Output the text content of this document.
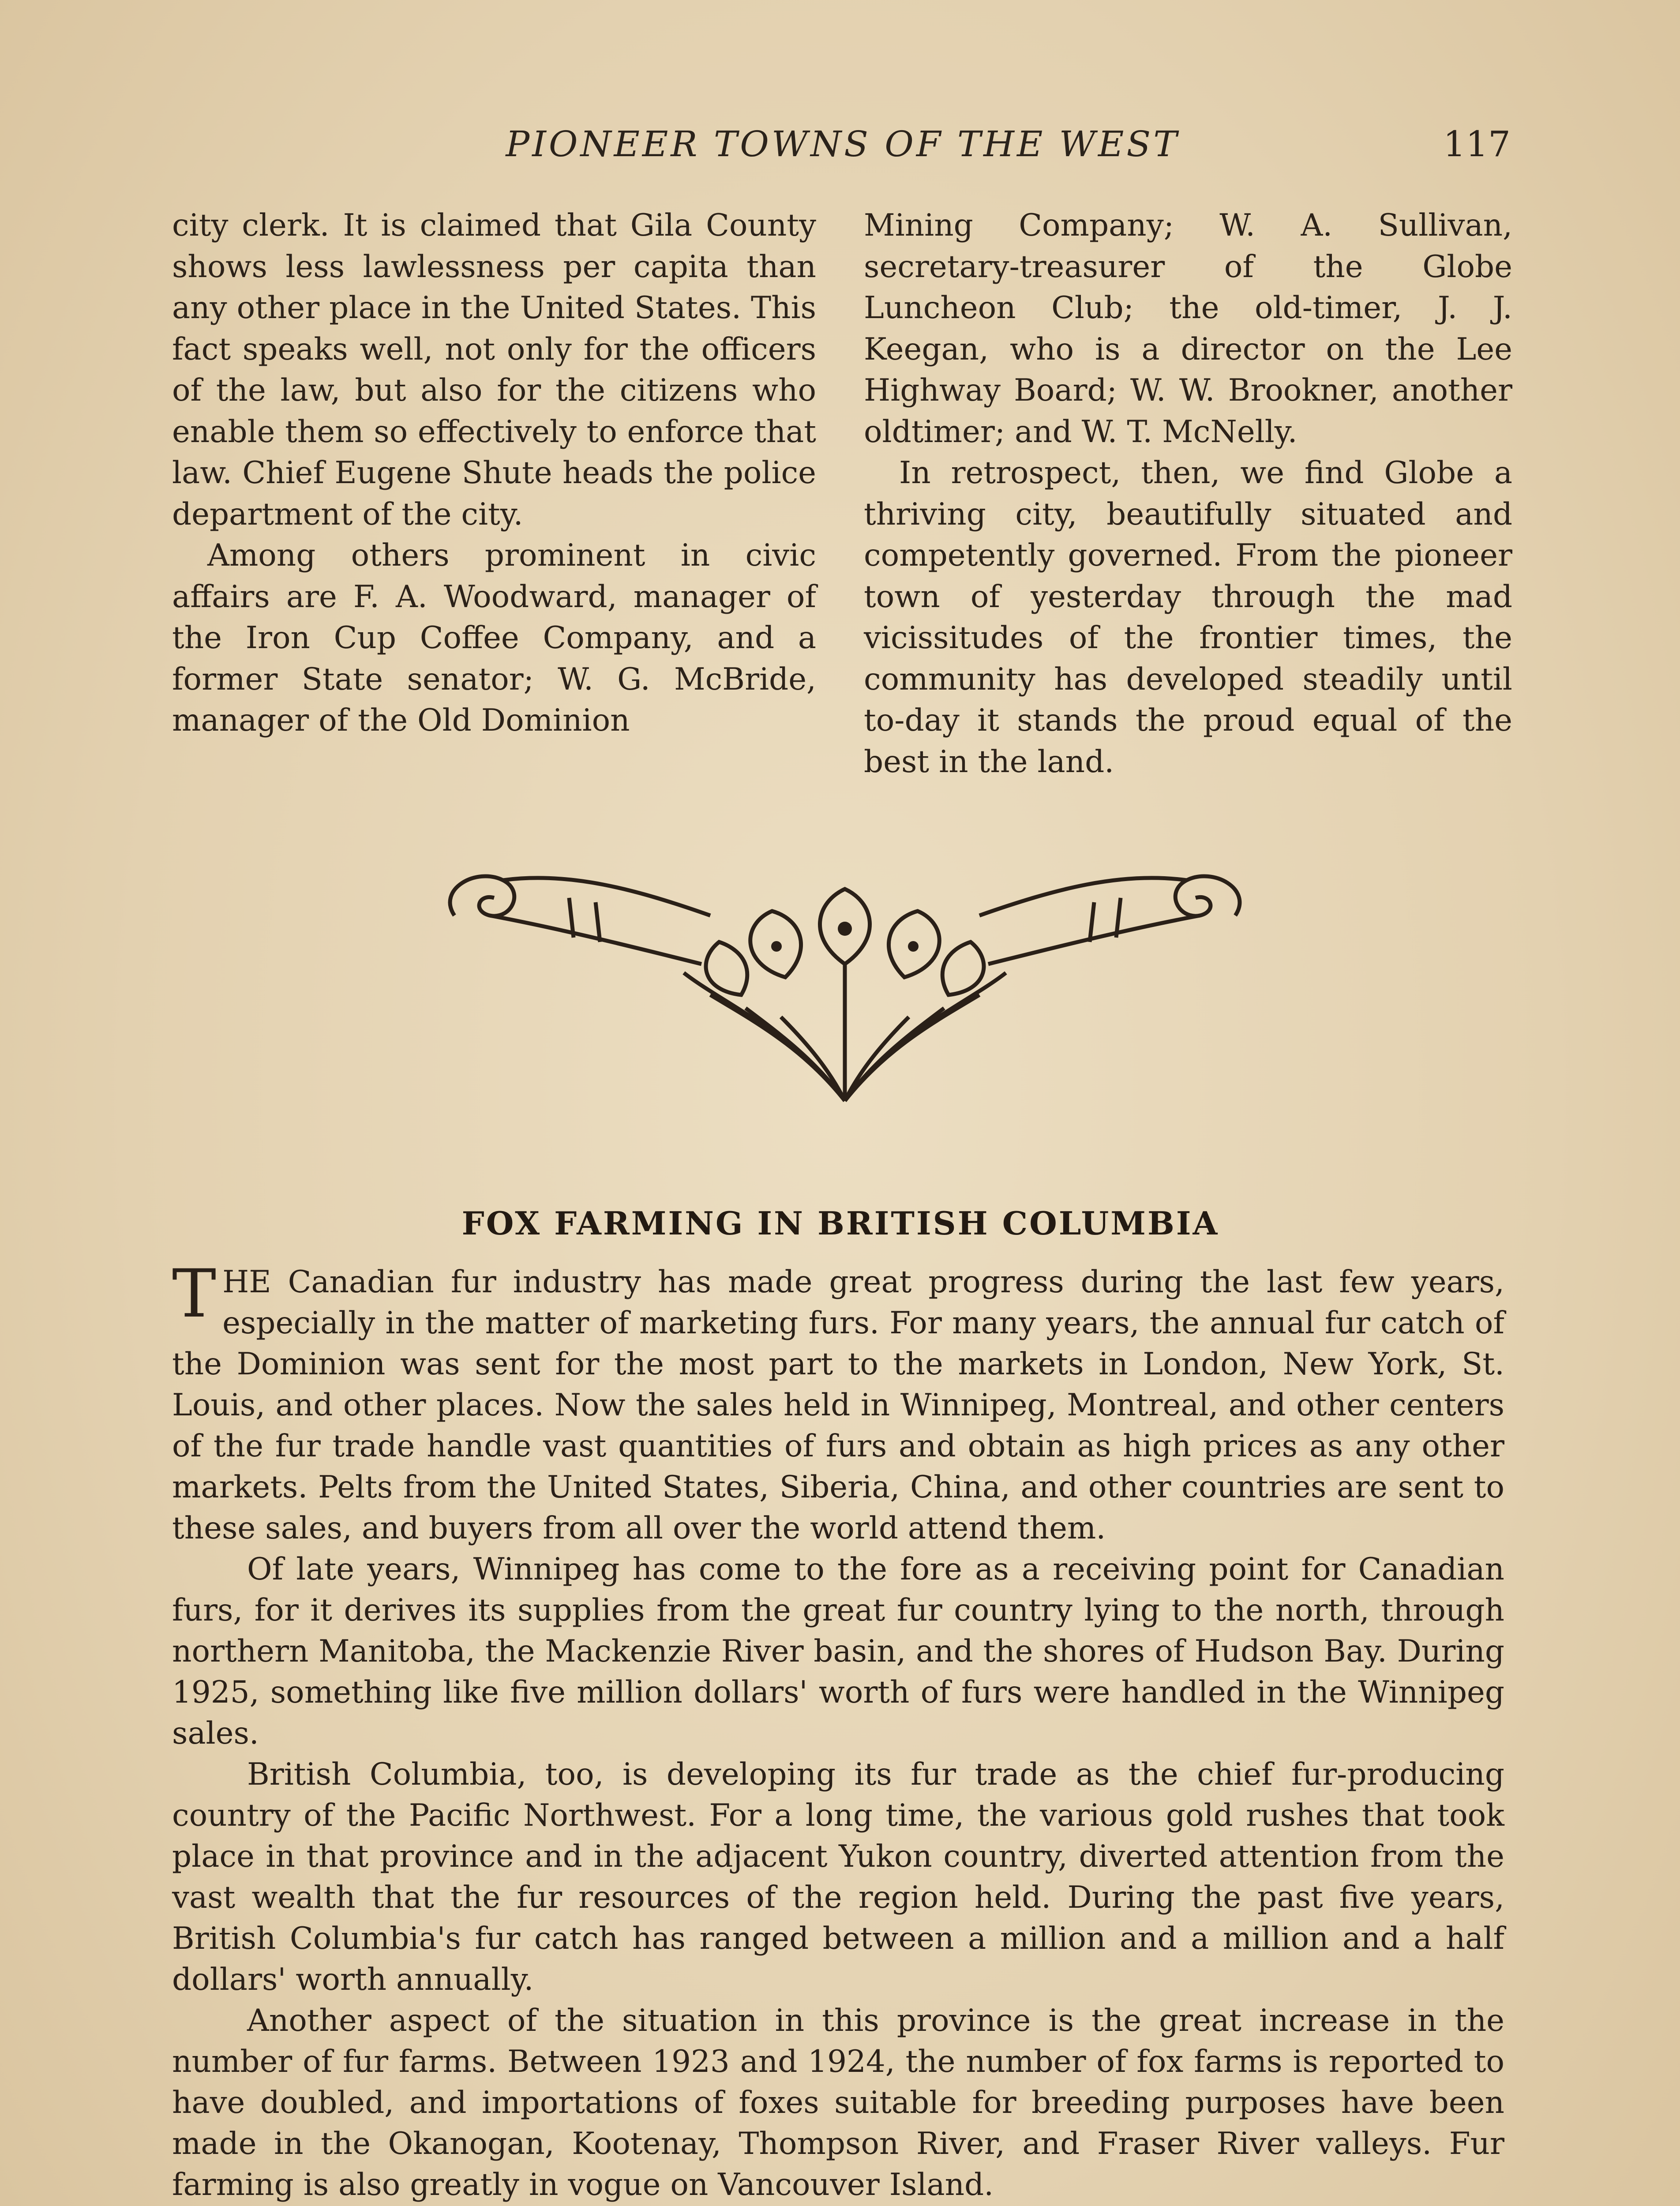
PIONEER TOWNS OF THE WEST	117

city clerk. It is claimed that Gila County shows less lawlessness per capita than any other place in the United States. This fact speaks well, not only for the officers of the law, but also for the citizens who enable them so effectively to enforce that law. Chief Eugene Shute heads the police department of the city.

Among others prominent in civic affairs are F. A. Woodward, manager of the Iron Cup Coffee Company, and a former State senator; W. G. McBride, manager of the Old Dominion

Mining Company; W. A. Sullivan, secretary-treasurer of the Globe Luncheon Club; the old-timer, J. J. Keegan, who is a director on the Lee Highway Board; W. W. Brookner, another oldtimer; and W. T. McNelly.

In retrospect, then, we find Globe a thriving city, beautifully situated and competently governed. From the pioneer town of yesterday through the mad vicissitudes of the frontier times, the community has developed steadily until to-day it stands the proud equal of the best in the land.

FOX FARMING IN BRITISH COLUMBIA

THE Canadian fur industry has made great progress during the last few years, especially in the matter of marketing furs. For many years, the annual fur catch of the Dominion was sent for the most part to the markets in London, New York, St. Louis, and other places. Now the sales held in Winnipeg, Montreal, and other centers of the fur trade handle vast quantities of furs and obtain as high prices as any other markets. Pelts from the United States, Siberia, China, and other countries are sent to these sales, and buyers from all over the world attend them.

Of late years, Winnipeg has come to the fore as a receiving point for Canadian furs, for it derives its supplies from the great fur country lying to the north, through northern Manitoba, the Mackenzie River basin, and the shores of Hudson Bay. During 1925, something like five million dollars' worth of furs were handled in the Winnipeg sales.

British Columbia, too, is developing its fur trade as the chief fur-producing country of the Pacific Northwest. For a long time, the various gold rushes that took place in that province and in the adjacent Yukon country, diverted attention from the vast wealth that the fur resources of the region held. During the past five years, British Columbia's fur catch has ranged between a million and a million and a half dollars' worth annually.

Another aspect of the situation in this province is the great increase in the number of fur farms. Between 1923 and 1924, the number of fox farms is reported to have doubled, and importations of foxes suitable for breeding purposes have been made in the Okanogan, Kootenay, Thompson River, and Fraser River valleys. Fur farming is also greatly in vogue on Vancouver Island.
